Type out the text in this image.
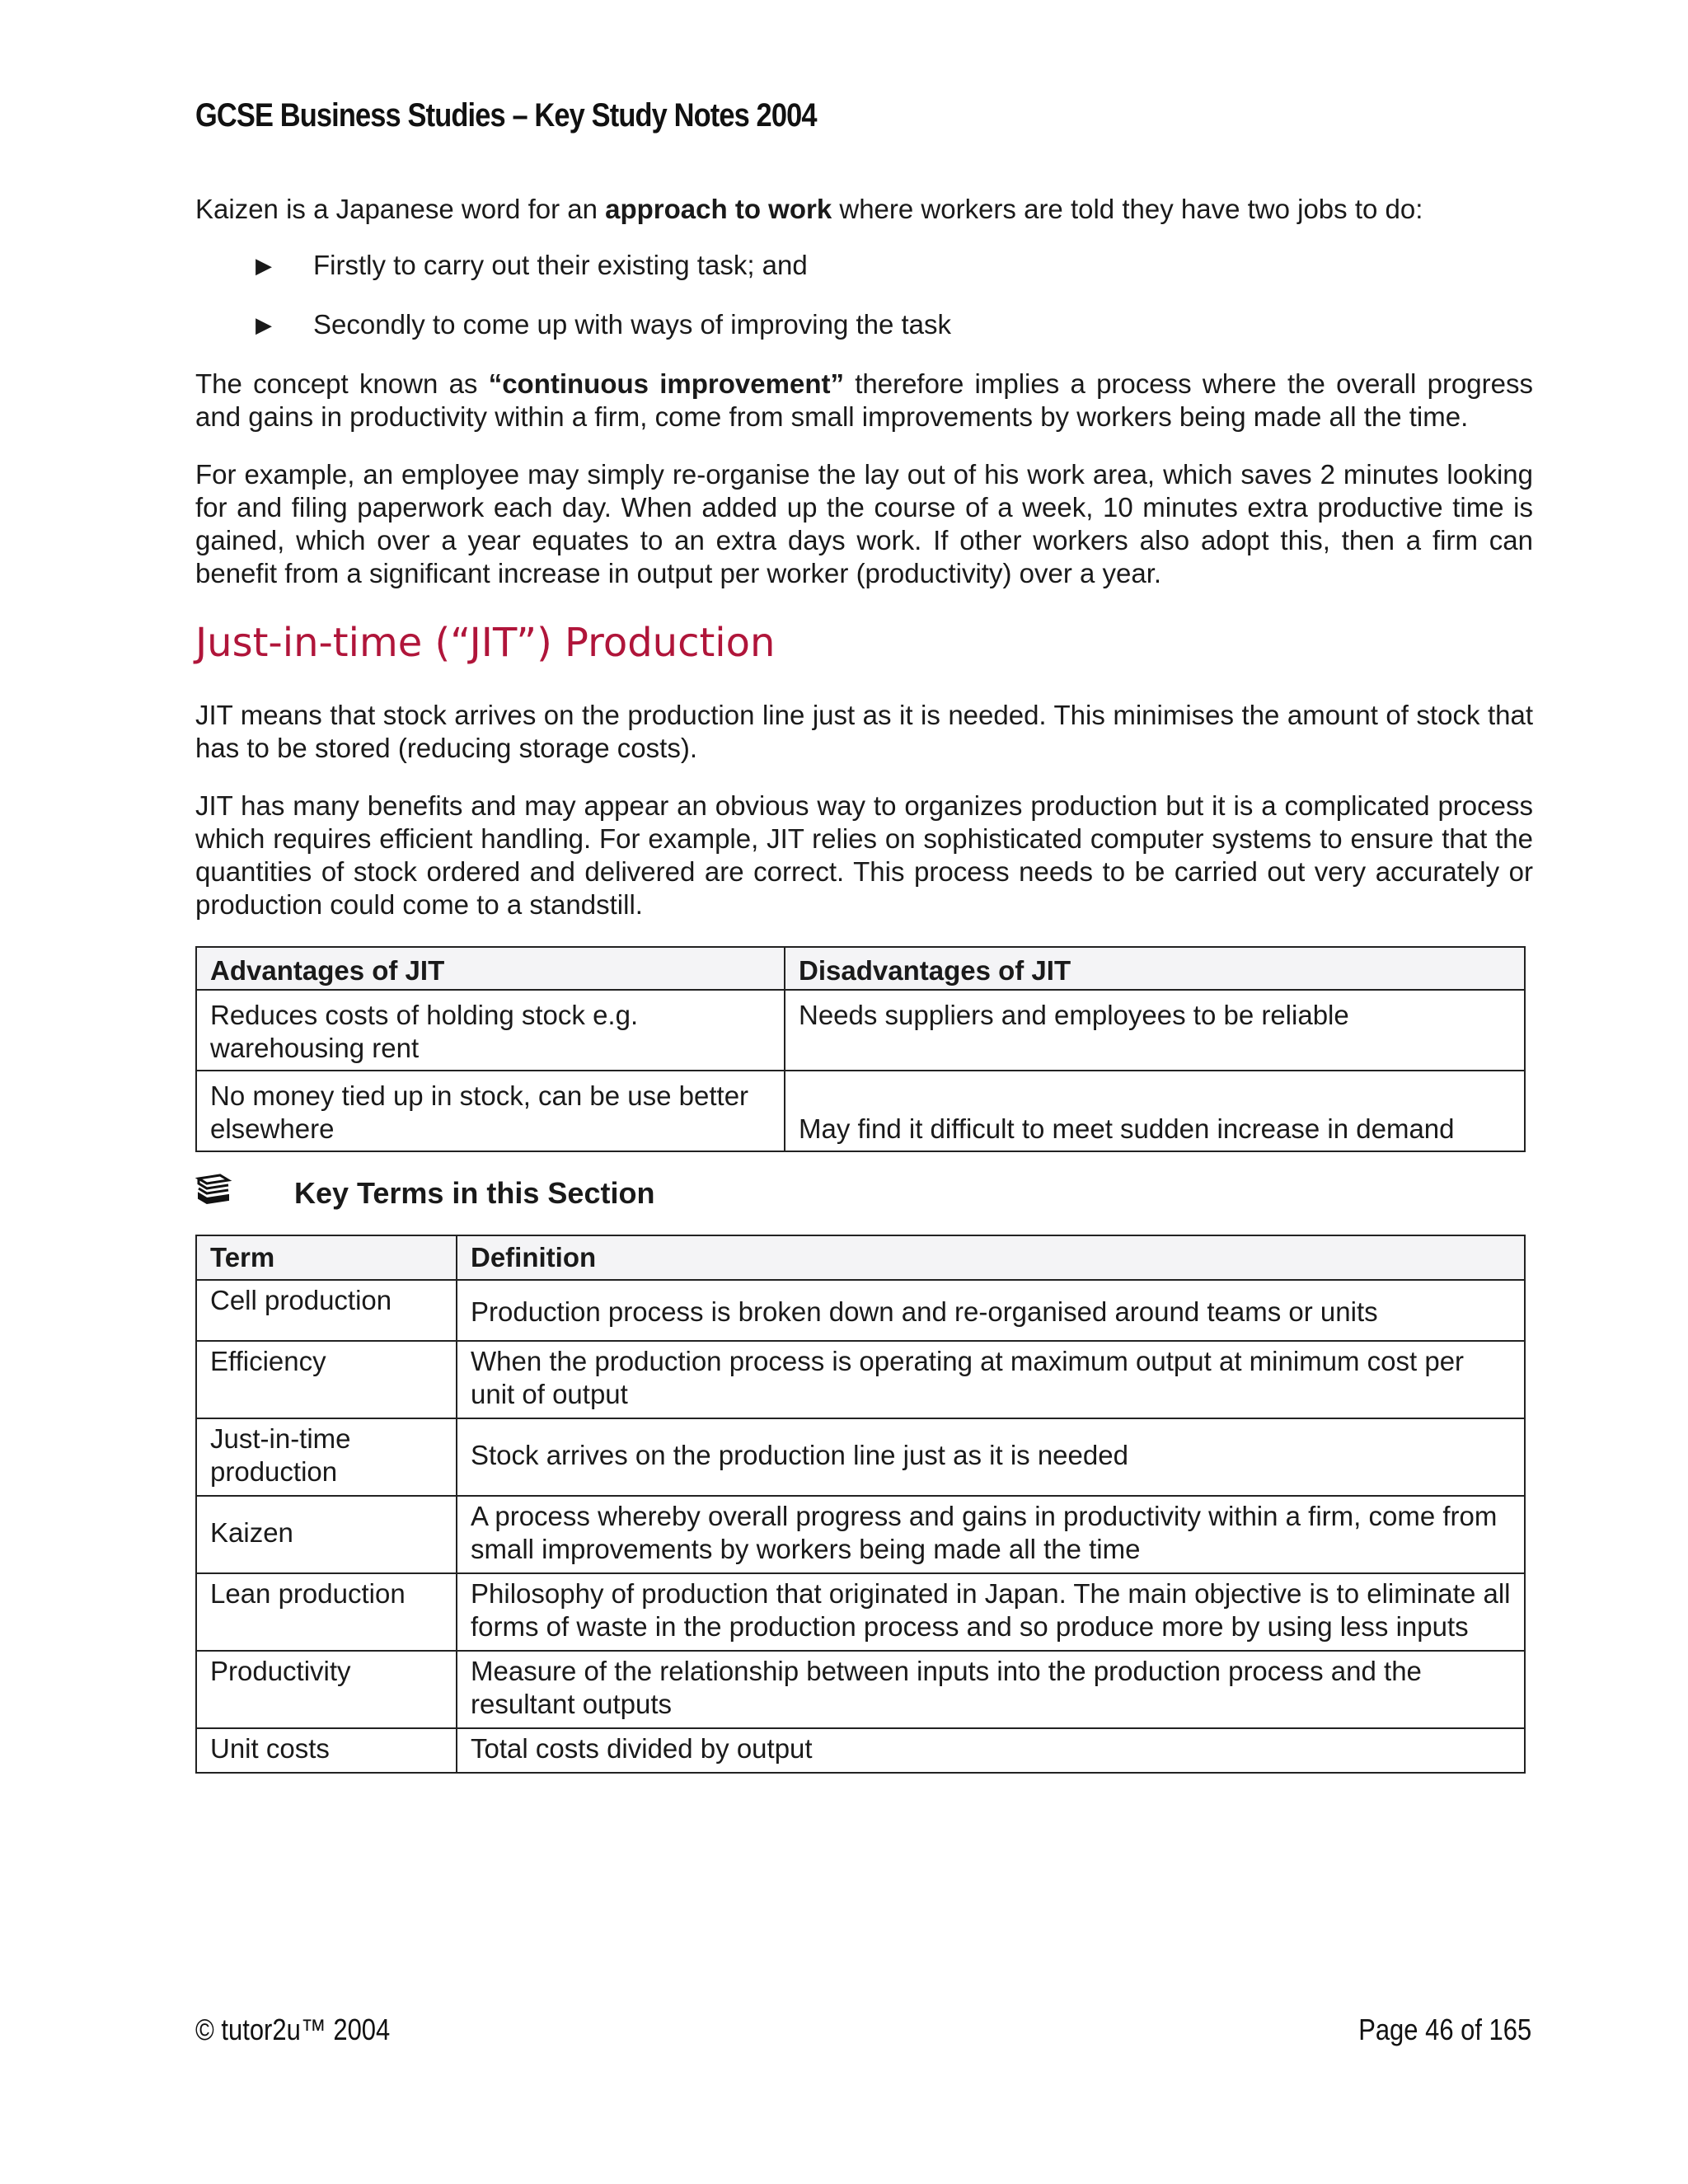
GCSE Business Studies – Key Study Notes 2004

Kaizen is a Japanese word for an approach to work where workers are told they have two jobs to do:

▶ Firstly to carry out their existing task; and
▶ Secondly to come up with ways of improving the task

The concept known as “continuous improvement” therefore implies a process where the overall progress and gains in productivity within a firm, come from small improvements by workers being made all the time.

For example, an employee may simply re-organise the lay out of his work area, which saves 2 minutes looking for and filing paperwork each day. When added up the course of a week, 10 minutes extra productive time is gained, which over a year equates to an extra days work. If other workers also adopt this, then a firm can benefit from a significant increase in output per worker (productivity) over a year.

Just-in-time (“JIT”) Production

JIT means that stock arrives on the production line just as it is needed. This minimises the amount of stock that has to be stored (reducing storage costs).

JIT has many benefits and may appear an obvious way to organizes production but it is a complicated process which requires efficient handling. For example, JIT relies on sophisticated computer systems to ensure that the quantities of stock ordered and delivered are correct. This process needs to be carried out very accurately or production could come to a standstill.

Advantages of JIT	Disadvantages of JIT
Reduces costs of holding stock e.g. warehousing rent	Needs suppliers and employees to be reliable
No money tied up in stock, can be use better elsewhere	May find it difficult to meet sudden increase in demand
Key Terms in this Section
Term	Definition
Cell production	Production process is broken down and re-organised around teams or units
Efficiency	When the production process is operating at maximum output at minimum cost per unit of output
Just-in-time production	Stock arrives on the production line just as it is needed
Kaizen	A process whereby overall progress and gains in productivity within a firm, come from small improvements by workers being made all the time
Lean production	Philosophy of production that originated in Japan. The main objective is to eliminate all forms of waste in the production process and so produce more by using less inputs
Productivity	Measure of the relationship between inputs into the production process and the resultant outputs
Unit costs	Total costs divided by output
© tutor2u™ 2004	Page 46 of 165
